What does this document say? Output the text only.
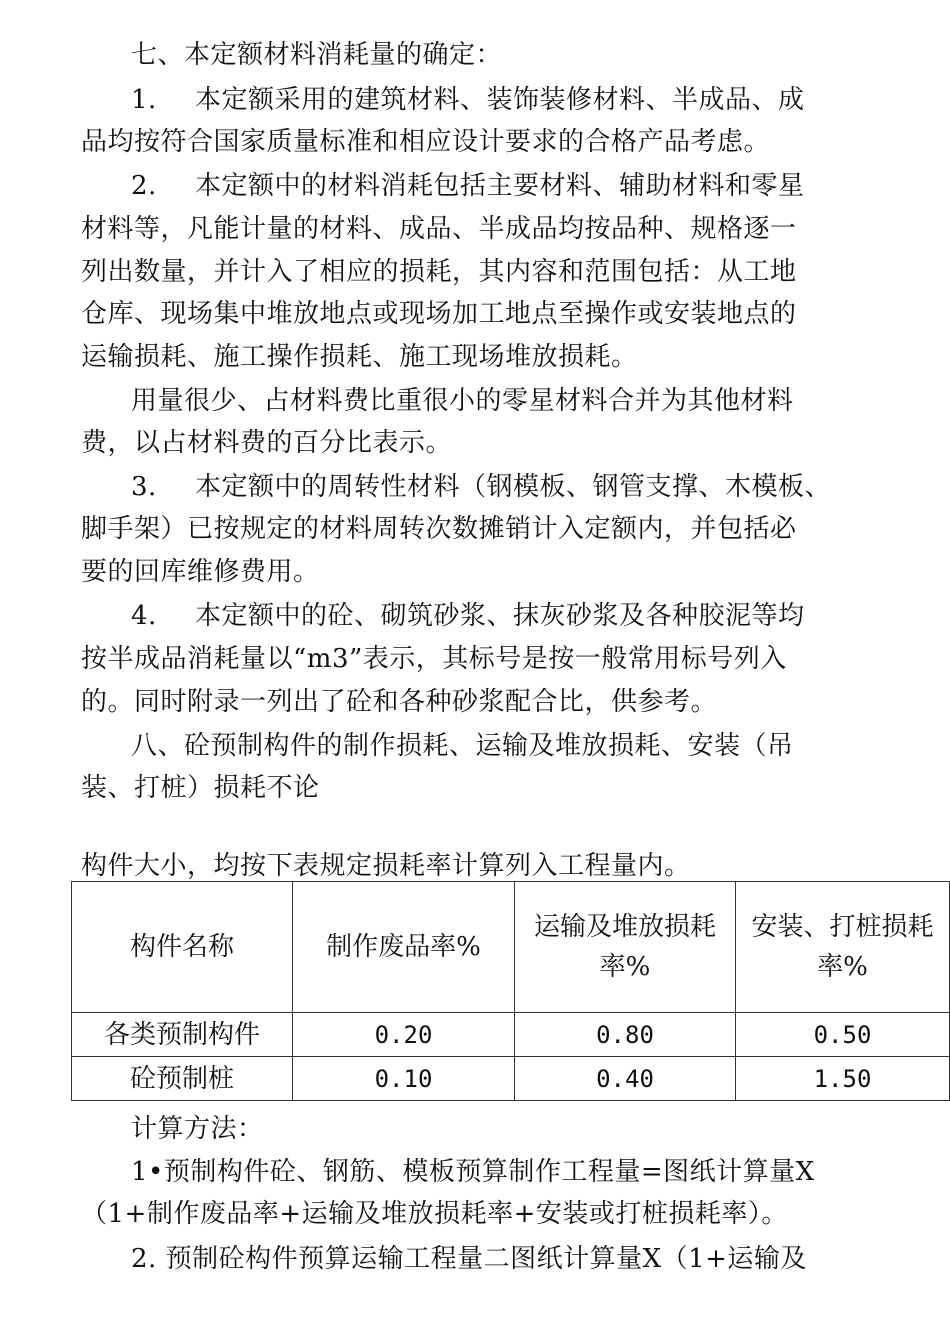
七、本定额材料消耗量的确定：

1. 本定额采用的建筑材料、装饰装修材料、半成品、成

品均按符合国家质量标准和相应设计要求的合格产品考虑。

2. 本定额中的材料消耗包括主要材料、辅助材料和零星

材料等，凡能计量的材料、成品、半成品均按品种、规格逐一

列出数量，并计入了相应的损耗，其内容和范围包括：从工地

仓库、现场集中堆放地点或现场加工地点至操作或安装地点的

运输损耗、施工操作损耗、施工现场堆放损耗。

用量很少、占材料费比重很小的零星材料合并为其他材料

费，以占材料费的百分比表示。

3. 本定额中的周转性材料（钢模板、钢管支撑、木模板、

脚手架）已按规定的材料周转次数摊销计入定额内，并包括必

要的回库维修费用。

4. 本定额中的砼、砌筑砂浆、抹灰砂浆及各种胶泥等均

按半成品消耗量以“m3”表示，其标号是按一般常用标号列入

的。同时附录一列出了砼和各种砂浆配合比，供参考。

八、砼预制构件的制作损耗、运输及堆放损耗、安装（吊

装、打桩）损耗不论

构件大小，均按下表规定损耗率计算列入工程量内。

构件名称	制作废品率%	运输及堆放损耗率%	安装、打桩损耗率%
各类预制构件	0.20	0.80	0.50
砼预制桩	0.10	0.40	1.50

计算方法：

1•预制构件砼、钢筋、模板预算制作工程量=图纸计算量X

（1+制作废品率+运输及堆放损耗率+安装或打桩损耗率）。

2. 预制砼构件预算运输工程量二图纸计算量X（1+运输及
